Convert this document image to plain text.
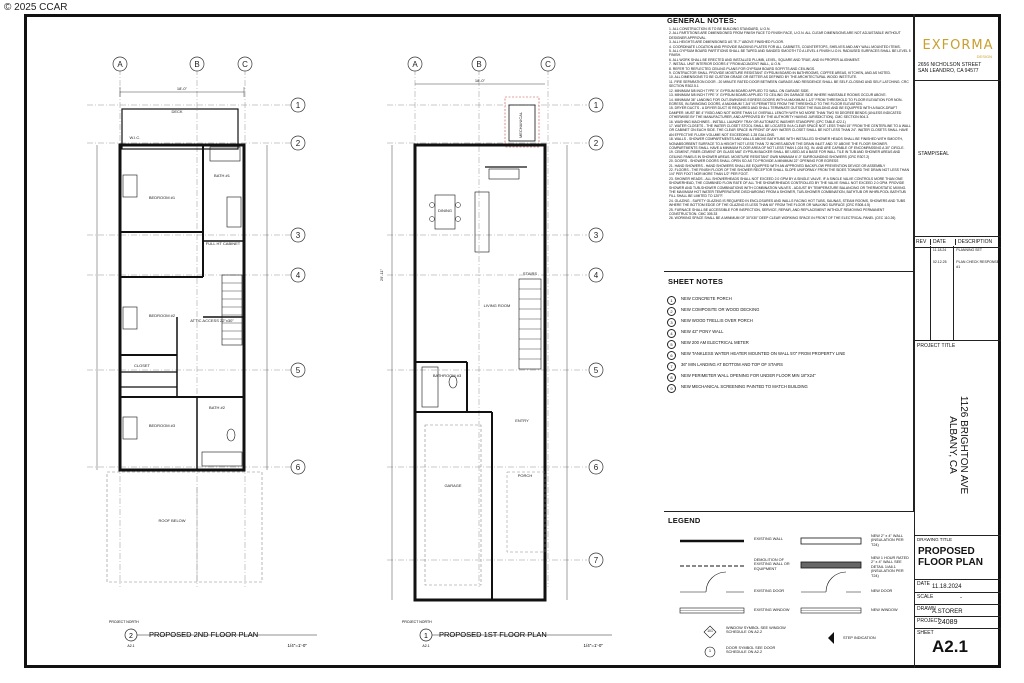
© 2025 CCAR
A	B	C
1
2
3
4
5
6
18'-0"
DECK
BEDROOM #1
BATH #1
BEDROOM #2
BEDROOM #3
BATH #2
CLOSET
W.I.C.
FULL HT CABINET
ATTIC ACCESS 22"x30"
ROOF BELOW
A	B	C
1
2
3
4
5
6
7
18'-0"
MECHANICAL
DINING
LIVING ROOM
BATHROOM #3
GARAGE
PORCH
ENTRY
STAIRS
29'-11"
2
A2.1
PROPOSED 2ND FLOOR PLAN
1/4"=1'-0"
PROJECT NORTH
1
A2.1
PROPOSED 1ST FLOOR PLAN
1/4"=1'-0"
PROJECT NORTH
GENERAL NOTES:
1. ALL CONSTRUCTION IS TO BE BUILDING STANDARD, U.O.N.
2. ALL PARTITIONS ARE DIMENSIONED FROM FINISH FACE TO FINISH FACE, U.O.N. ALL CLEAR DIMENSIONS ARE NOT ADJUSTABLE WITHOUT DESIGNER APPROVAL.
3. ALL HEIGHTS ARE DIMENSIONED AS "8'-7" ABOVE FINISHED FLOOR.
4. COORDINATE LOCATION AND PROVIDE BACKING PLATES FOR ALL CABINETS, COUNTERTOPS, SHELVES AND ANY WALL MOUNTED ITEMS.
5. ALL GYPSUM BOARD PARTITIONS SHALL BE TAPED AND SANDED SMOOTH TO A LEVEL 4 FINISH U.O.N. RADIUSED SURFACES SHALL BE LEVEL 5 FINISH.
6. ALL WORK SHALL BE ERECTED AND INSTALLED PLUMB, LEVEL, SQUARE AND TRUE, AND IN PROPER ALIGNMENT.
7. INSTALL UNIT INTERIOR DOORS 4" FROM ADJACENT WALL, U.O.N.
8. REFER TO REFLECTED CEILING PLANS FOR GYPSUM BOARD SOFFITS AND CEILINGS.
9. CONTRACTOR SHALL PROVIDE MOISTURE RESISTANT GYPSUM BOARD IN BATHROOMS, COFFEE AREAS, KITCHEN, AND AS NOTED.
10. ALL DIMENSIONS TO BE CUSTOM GRADE OR BETTER AS DEFINED BY THE ARCHITECTURAL WOOD INSTITUTE.
11. FIRE SEPARATION DOOR - 20 MINUTE RATED DOOR BETWEEN GARAGE AND RESIDENCE SHALL BE SELF-CLOSING AND SELF-LATCHING. CRC SECTION R302.5.1
12. MINIMUM 5/8 INCH TYPE 'X' GYPSUM BOARD APPLIED TO WALL ON GARAGE SIDE.
13. MINIMUM 5/8 INCH TYPE 'X' GYPSUM BOARD APPLIED TO CEILING ON GARAGE SIDE WHERE HABITABLE ROOMS OCCUR ABOVE.
14. MINIMUM 36" LANDING FOR OUT-SWINGING EGRESS DOORS WITH A MAXIMUM 1-1/2" FROM THRESHOLD TO FLOOR ELEVATION FOR NON-EGRESS, IN-SWINGING DOORS, A MAXIMUM 7-3/4" IS PERMITTED FROM THE THRESHOLD TO THE FLOOR ELEVATION.
15. DRYER DUCTS - A DRYER DUCT IS REQUIRED AND SHALL TERMINATE OUTSIDE THE BUILDING AND BE EQUIPPED WITH A BACK-DRAFT DAMPER. MUST BE 4" RIGID AND NOT MORE THAN 14' OVERALL LENGTH WITH NO MORE THAN TWO 90 DEGREE BENDS (UNLESS INDICATED OTHERWISE BY THE MANUFACTURER, AND APPROVED BY THE AUTHORITY HAVING JURISDICTION). CMC SECTION 504.3.
16. WASHING MACHINES - INSTALL LAUNDRY TRAY OR AUTOMATIC WASHER STANDPIPE (CPC TABLE 422.1)
17. WATER CLOSETS - THE WATER CLOSET STOOL SHALL BE LOCATED IN A CLEAR SPACE NOT LESS THAN 15" FROM THE CENTERLINE TO A WALL OR CABINET ON EACH SIDE. THE CLEAR SPACE IN FRONT OF ANY WATER CLOSET SHALL BE NOT LESS THAN 24". WATER CLOSETS SHALL HAVE AN EFFECTIVE FLUSH VOLUME NOT EXCEEDING 1.28 GALLONS.
18. WALLS - SHOWER COMPARTMENTS AND WALLS ABOVE BATHTUBS WITH INSTALLED SHOWER HEADS SHALL BE FINISHED WITH SMOOTH, NONABSORBENT SURFACE TO A HEIGHT NOT LESS THAN 72 INCHES ABOVE THE DRAIN INLET AND 70' ABOVE THE FLOOR SHOWER. COMPARTMENTS SHALL HAVE A MINIMUM FLOOR AREA OF NOT LESS THAN 1,024 SQ. IN. AND ARE CAPABLE OF ENCOMPASSING A 30" CIRCLE.
19. CEMENT, FIBER-CEMENT OR GLASS MAT GYPSUM BACKER SHALL BE USED AS A BASE FOR WALL TILE IN TUB AND SHOWER AREAS AND CEILING PANELS IN SHOWER AREAS. MOISTURE RESISTANT GWB MINIMUM 6'-0" SURROUNDING SHOWERS (CRC R307.2)
20. DOORS - SHOWER DOORS SHALL OPEN SO AS TO PROVIDE A MINIMUM 22" OPENING FOR EGRESS
21. HAND SHOWERS - HAND SHOWERS SHALL BE EQUIPPED WITH AN APPROVED BACKFLOW PREVENTION DEVICE OR ASSEMBLY
22. FLOORS - THE FINISH FLOOR OF THE SHOWER RECEPTOR SHALL SLOPE UNIFORMLY FROM THE SIDES TOWARD THE DRAIN NOT LESS THAN 1/4" PER FOOT NOR MORE THAN 1/2" PER FOOT.
23. SHOWER HEADS - ALL SHOWERHEADS SHALL NOT EXCEED 2.0 GPM BY A SINGLE VALVE. IF A SINGLE VALVE CONTROLS MORE THAN ONE SHOWERHEAD, THE COMBINED FLOW RATE OF ALL THE SHOWERHEADS CONTROLLED BY THE VALVE SHALL NOT EXCEED 2.0 GPM. PROVIDE SHOWER AND TUB-SHOWER COMBINATIONS WITH COMBINATION VALVES - ADJUST BY TEMPERATURE BALANCING OR THERMOSTATIC MIXING. THE MAXIMUM HOT WATER TEMPERATURE DISCHARGING FROM A SHOWER, TUB-SHOWER COMBINATION, BATHTUB OR WHIRLPOOL BATHTUB FILL SHALL BE LIMITED TO 120°F.
24. GLAZING - SAFETY GLAZING IS REQUIRED IN ENCLOSURES AND WALLS FACING HOT TUBS, SAUNAS, STEAM ROOMS, SHOWERS AND TUBS WHERE THE BOTTOM EDGE OF THE GLAZING IS LESS THAN 60" FROM THE FLOOR OR WALKING SURFACE (CRC R308.4.5)
25. FURNACE SHALL BE ACCESSIBLE FOR INSPECTION, SERVICE, REPAIR, AND REPLACEMENT WITHOUT REMOVING PERMANENT CONSTRUCTION. CMC 305.33
26. WORKING SPACE SHALL BE A MINIMUM OF 30"X30" DEEP CLEAR WORKING SPACE IN FRONT OF THE ELECTRICAL PANEL (CEC 110.26)
SHEET NOTES
1	NEW CONCRETE PORCH
2	NEW COMPOSITE OR WOOD DECKING
3	NEW WOOD TRELLIS OVER PORCH
4	NEW 42" PONY WALL
5	NEW 200 AM ELECTRICAL METER
6	NEW TANKLESS WATER HEATER MOUNTED ON WALL 5'0" FROM PROPERTY LINE
7	36" MIN LANDING AT BOTTOM AND TOP OF STAIRS
8	NEW PERIMETER WALL OPENING FOR UNDER FLOOR MIN 18"X24"
9	NEW MECHANICAL SCREENING PAINTED TO MATCH BUILDING
LEGEND
EXISTING WALL
NEW 2" x 4" WALL (INSULATION PER T24)
DEMOLITION OF EXISTING WALL OR EQUIPMENT
NEW 1 HOUR RATED 2" x 4" WALL SEE DETAIL 1/A6.1 (INSULATION PER T24)
EXISTING DOOR	NEW DOOR
EXISTING WINDOW	NEW WINDOW
WINDOW SYMBOL SEE WINDOW SCHEDULE ON A2.2
STEP INDICATION
DOOR SYMBOL SEE DOOR SCHEDULE ON A2.2
101
1
EXFORMA
DESIGN
2656 NICHOLSON STREET
SAN LEANDRO, CA 94577
STAMP/SEAL
REV	DATE	DESCRIPTION
11.18.24	PLANNING SET
02.12.25	PLAN CHECK RESPONSE #1
PROJECT TITLE
1126 BRIGHTON AVE
ALBANY, CA
DRAWING TITLE
PROPOSED
FLOOR PLAN
DATE 11.18.2024
SCALE	-
DRAWN
A.STORER
PROJECT
24089
SHEET
A2.1
